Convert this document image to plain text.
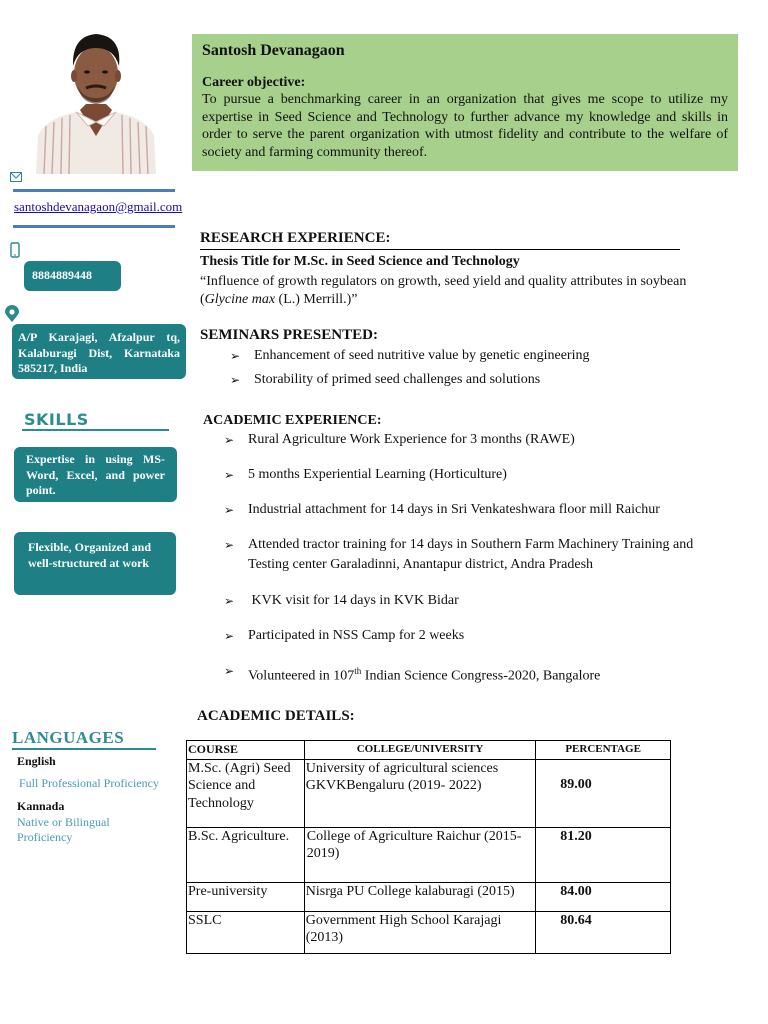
Santosh Devanagaon
Career objective:
To pursue a benchmarking career in an organization that gives me scope to utilize my expertise in Seed Science and Technology to further advance my knowledge and skills in order to serve the parent organization with utmost fidelity and contribute to the welfare of society and farming community thereof.
santoshdevanagaon@gmail.com
8884889448
A/P Karajagi, Afzalpur tq, Kalaburagi Dist, Karnataka 585217, India
SKILLS
Expertise in using MS-Word, Excel, and power point.
Flexible, Organized and well-structured at work
LANGUAGES
English
Full Professional Proficiency
Kannada
Native or Bilingual Proficiency
RESEARCH EXPERIENCE:
Thesis Title for M.Sc. in Seed Science and Technology
“Influence of growth regulators on growth, seed yield and quality attributes in soybean (Glycine max (L.) Merrill.)”
SEMINARS PRESENTED:
➢ Enhancement of seed nutritive value by genetic engineering
➢ Storability of primed seed challenges and solutions
ACADEMIC EXPERIENCE:
➢ Rural Agriculture Work Experience for 3 months (RAWE)
➢ 5 months Experiential Learning (Horticulture)
➢ Industrial attachment for 14 days in Sri Venkateshwara floor mill Raichur
➢ Attended tractor training for 14 days in Southern Farm Machinery Training and Testing center Garaladinni, Anantapur district, Andra Pradesh
➢ KVK visit for 14 days in KVK Bidar
➢ Participated in NSS Camp for 2 weeks
➢ Volunteered in 107th Indian Science Congress-2020, Bangalore
ACADEMIC DETAILS:
COURSE	COLLEGE/UNIVERSITY	PERCENTAGE
M.Sc. (Agri) Seed Science and Technology	University of agricultural sciences GKVKBengaluru (2019- 2022)	89.00
B.Sc. Agriculture.	College of Agriculture Raichur (2015-2019)	81.20
Pre-university	Nisrga PU College kalaburagi (2015)	84.00
SSLC	Government High School Karajagi (2013)	80.64
